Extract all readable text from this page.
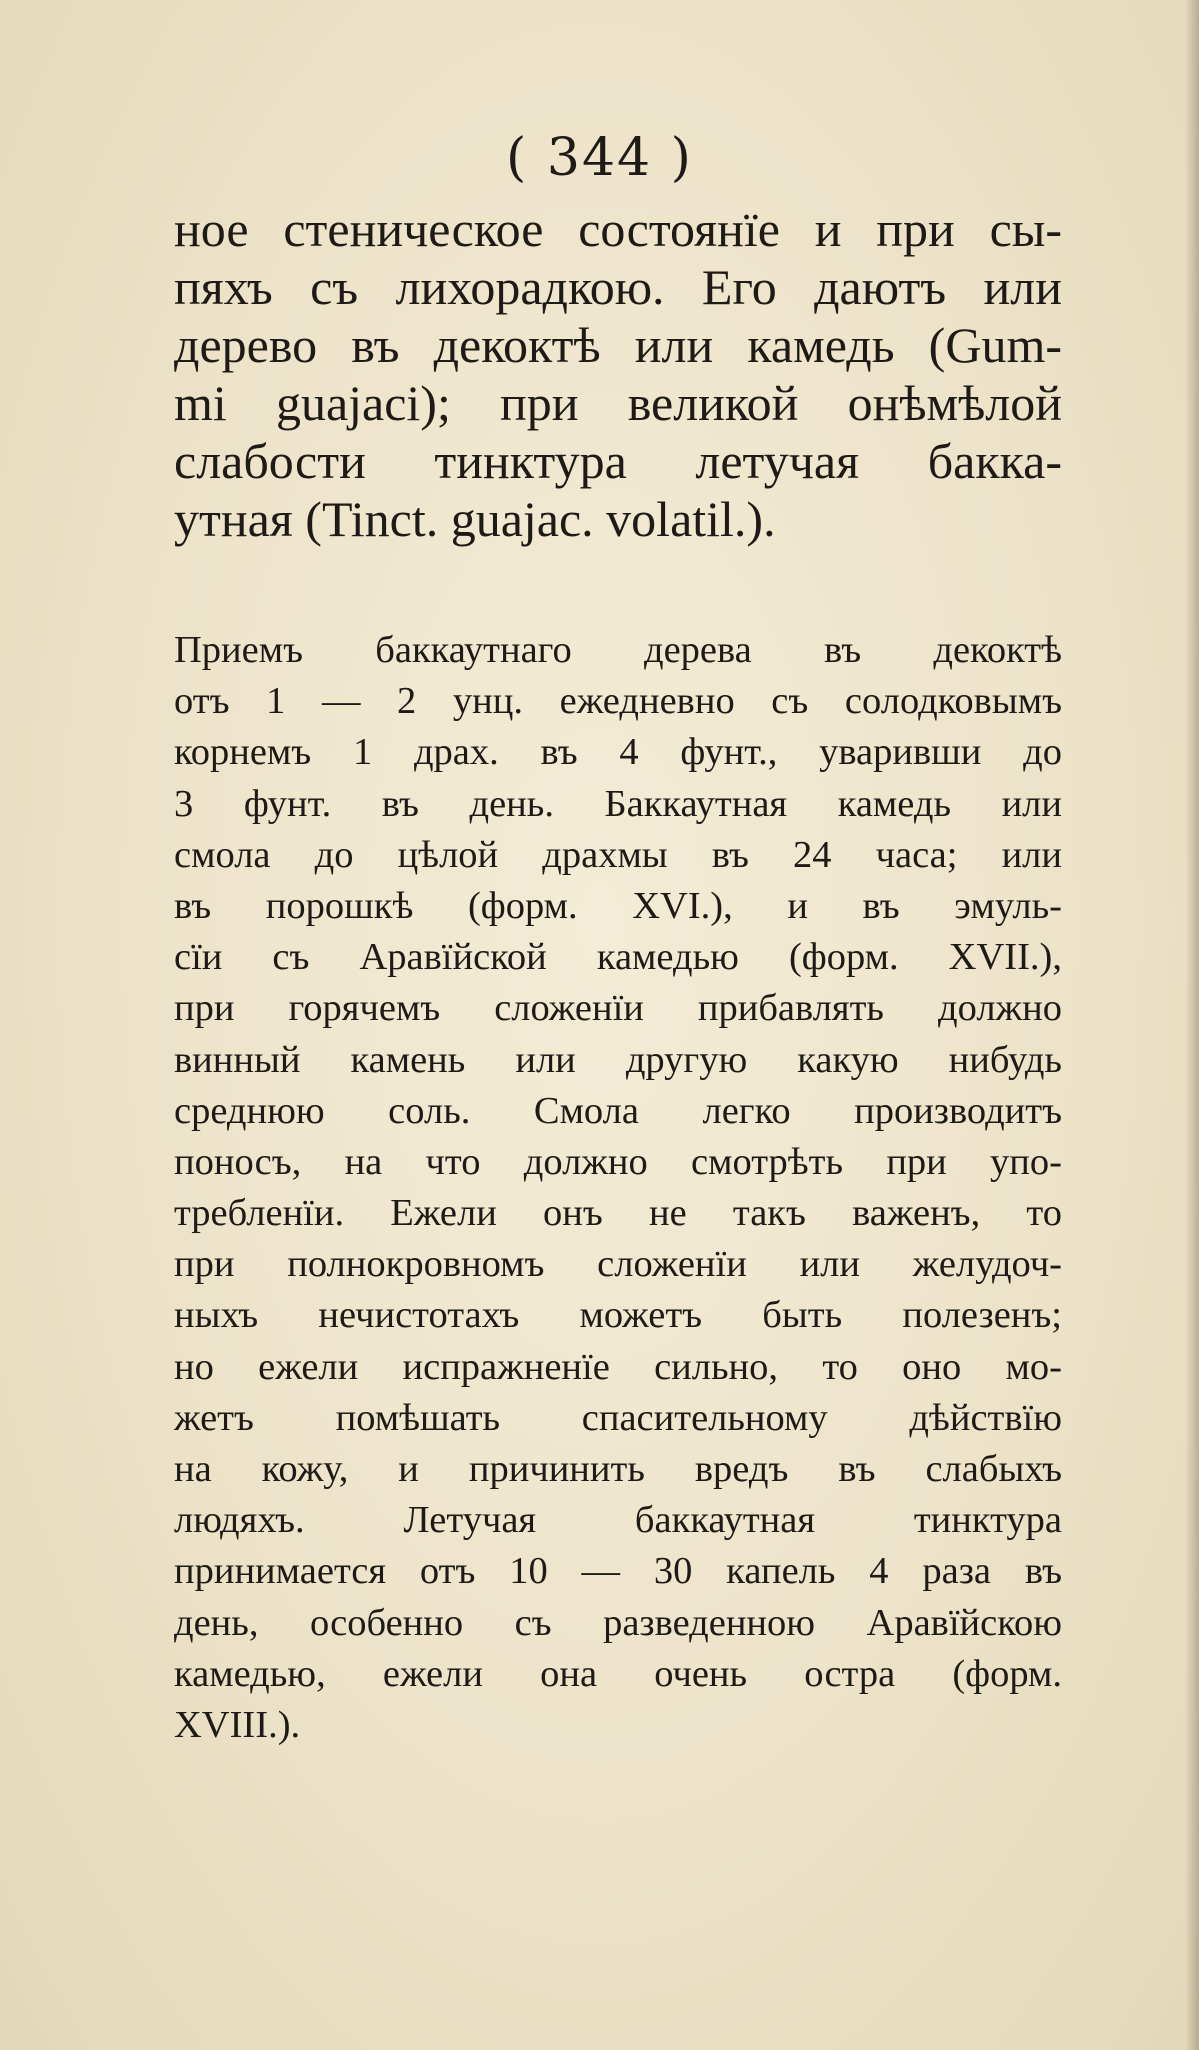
( 344 )
ное стеническое состоянїе и при сы-
пяхъ съ лихорадкою. Его даютъ или
дерево въ декоктѣ или камедь (Gum-
mi guajaci); при великой онѣмѣлой
слабости тинктура летучая бакка-
утная (Tinct. guajac. volatil.).
Приемъ баккаутнаго дерева въ декоктѣ
отъ 1 — 2 унц. ежедневно съ солодковымъ
корнемъ 1 драх. въ 4 фунт., уваривши до
3 фунт. въ день. Баккаутная камедь или
смола до цѣлой драхмы въ 24 часа; или
въ порошкѣ (форм. XVI.), и въ эмуль-
сїи съ Аравїйской камедью (форм. XVII.),
при горячемъ сложенїи прибавлять должно
винный камень или другую какую нибудь
среднюю соль. Смола легко производитъ
поносъ, на что должно смотрѣть при упо-
требленїи. Ежели онъ не такъ важенъ, то
при полнокровномъ сложенїи или желудоч-
ныхъ нечистотахъ можетъ быть полезенъ;
но ежели испражненїе сильно, то оно мо-
жетъ помѣшать спасительному дѣйствїю
на кожу, и причинить вредъ въ слабыхъ
людяхъ. Летучая баккаутная тинктура
принимается отъ 10 — 30 капель 4 раза въ
день, особенно съ разведенною Аравїйскою
камедью, ежели она очень остра (форм.
XVIII.).
